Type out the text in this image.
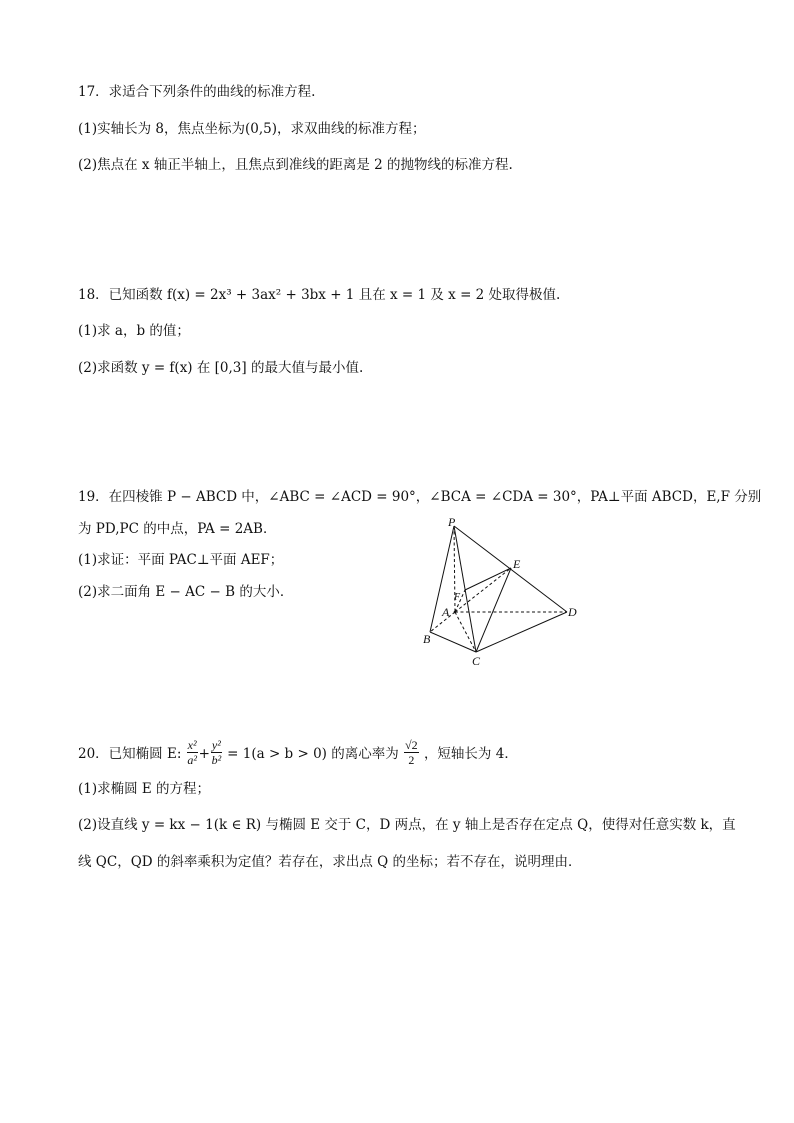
17．求适合下列条件的曲线的标准方程.
(1)实轴长为 8，焦点坐标为(0,5)，求双曲线的标准方程；
(2)焦点在 x 轴正半轴上，且焦点到准线的距离是 2 的抛物线的标准方程.
18．已知函数 f(x) = 2x³ + 3ax² + 3bx + 1 且在 x = 1 及 x = 2 处取得极值.
(1)求 a，b 的值；
(2)求函数 y = f(x) 在 [0,3] 的最大值与最小值.
19．在四棱锥 P − ABCD 中，∠ABC = ∠ACD = 90°，∠BCA = ∠CDA = 30°，PA⊥平面 ABCD，E,F 分别
为 PD,PC 的中点，PA = 2AB．
(1)求证：平面 PAC⊥平面 AEF；
(2)求二面角 E − AC − B 的大小．
P
E
F
A	D
B
C
20．已知椭圆 E: $\frac{\text{x²}}{\text{a²}} + \frac{\text{y²}}{\text{b²}} = 1(a > b > 0)$ 的离心率为 $\frac{√2}{2}$ ，短轴长为 4．
(1)求椭圆 E 的方程；
(2)设直线 y = kx − 1(k ∈ R) 与椭圆 E 交于 C，D 两点，在 y 轴上是否存在定点 Q，使得对任意实数 k，直
线 QC，QD 的斜率乘积为定值？若存在，求出点 Q 的坐标；若不存在，说明理由．
